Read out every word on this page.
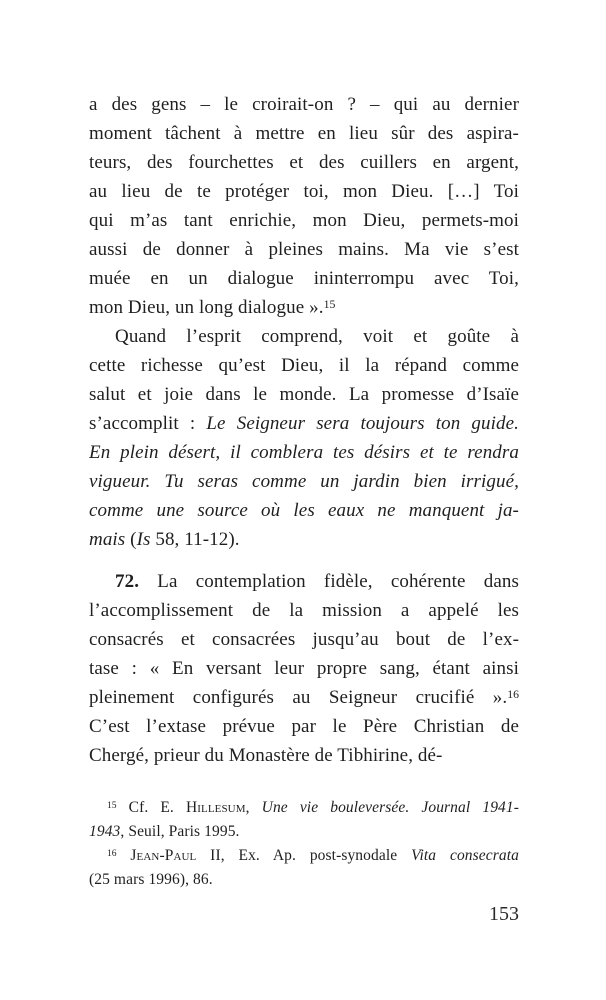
a des gens – le croirait-on ? – qui au dernier
moment tâchent à mettre en lieu sûr des aspira-
teurs, des fourchettes et des cuillers en argent,
au lieu de te protéger toi, mon Dieu. […] Toi
qui m’as tant enrichie, mon Dieu, permets-moi
aussi de donner à pleines mains. Ma vie s’est
muée en un dialogue ininterrompu avec Toi,
mon Dieu, un long dialogue ».$^{15}$
Quand l’esprit comprend, voit et goûte à
cette richesse qu’est Dieu, il la répand comme
salut et joie dans le monde. La promesse d’Isaïe
s’accomplit : Le Seigneur sera toujours ton guide.
En plein désert, il comblera tes désirs et te rendra
vigueur. Tu seras comme un jardin bien irrigué,
comme une source où les eaux ne manquent ja-
mais (Is 58, 11-12).
72. La contemplation fidèle, cohérente dans
l’accomplissement de la mission a appelé les
consacrés et consacrées jusqu’au bout de l’ex-
tase : « En versant leur propre sang, étant ainsi
pleinement configurés au Seigneur crucifié ».$^{16}$
C’est l’extase prévue par le Père Christian de
Chergé, prieur du Monastère de Tibhirine, dé-
$^{15}$ Cf. E. Hillesum, Une vie bouleversée. Journal 1941-
1943, Seuil, Paris 1995.
$^{16}$ Jean-Paul II, Ex. Ap. post-synodale Vita consecrata
(25 mars 1996), 86.
153
